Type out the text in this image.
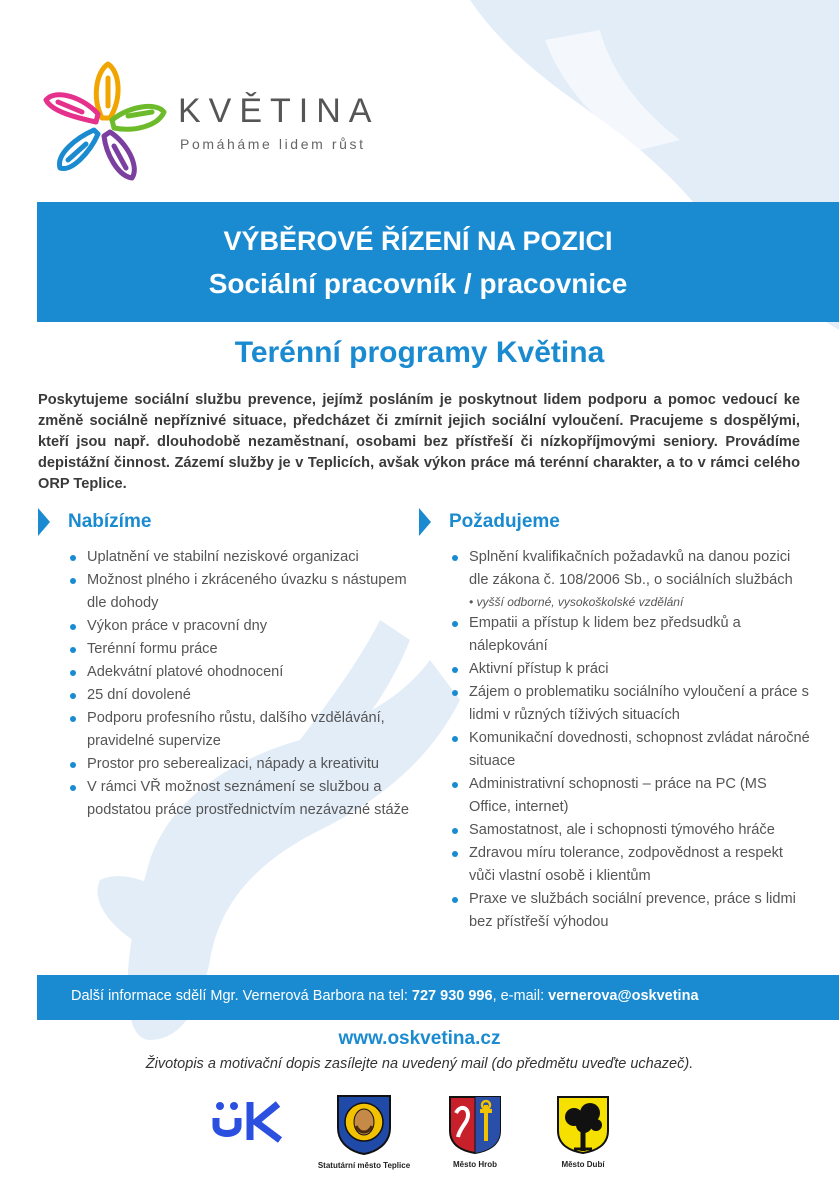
KVĚTINA
Pomáháme lidem růst
VÝBĚROVÉ ŘÍZENÍ NA POZICI
Sociální pracovník / pracovnice
Terénní programy Květina
Poskytujeme sociální službu prevence, jejímž posláním je poskytnout lidem podporu a pomoc vedoucí ke změně sociálně nepříznivé situace, předcházet či zmírnit jejich sociální vyloučení. Pracujeme s dospělými, kteří jsou např. dlouhodobě nezaměstnaní, osobami bez přístřeší či nízkopříjmovými seniory. Provádíme depistážní činnost. Zázemí služby je v Teplicích, avšak výkon práce má terénní charakter, a to v rámci celého ORP Teplice.
Nabízíme
Uplatnění ve stabilní neziskové organizaci
Možnost plného i zkráceného úvazku s nástupem dle dohody
Výkon práce v pracovní dny
Terénní formu práce
Adekvátní platové ohodnocení
25 dní dovolené
Podporu profesního růstu, dalšího vzdělávání, pravidelné supervize
Prostor pro seberealizaci, nápady a kreativitu
V rámci VŘ možnost seznámení se službou a podstatou práce prostřednictvím nezávazné stáže
Požadujeme
Splnění kvalifikačních požadavků na danou pozici dle zákona č. 108/2006 Sb., o sociálních službách
• vyšší odborné, vysokoškolské vzdělání
Empatii a přístup k lidem bez předsudků a nálepkování
Aktivní přístup k práci
Zájem o problematiku sociálního vyloučení a práce s lidmi v různých tíživých situacích
Komunikační dovednosti, schopnost zvládat náročné situace
Administrativní schopnosti – práce na PC (MS Office, internet)
Samostatnost, ale i schopnosti týmového hráče
Zdravou míru tolerance, zodpovědnost a respekt vůči vlastní osobě i klientům
Praxe ve službách sociální prevence, práce s lidmi bez přístřeší výhodou
Další informace sdělí Mgr. Vernerová Barbora na tel: 727 930 996, e-mail: vernerova@oskvetina
www.oskvetina.cz
Životopis a motivační dopis zasílejte na uvedený mail (do předmětu uveďte uchazeč).
Statutární město Teplice	Město Hrob	Město Dubí
